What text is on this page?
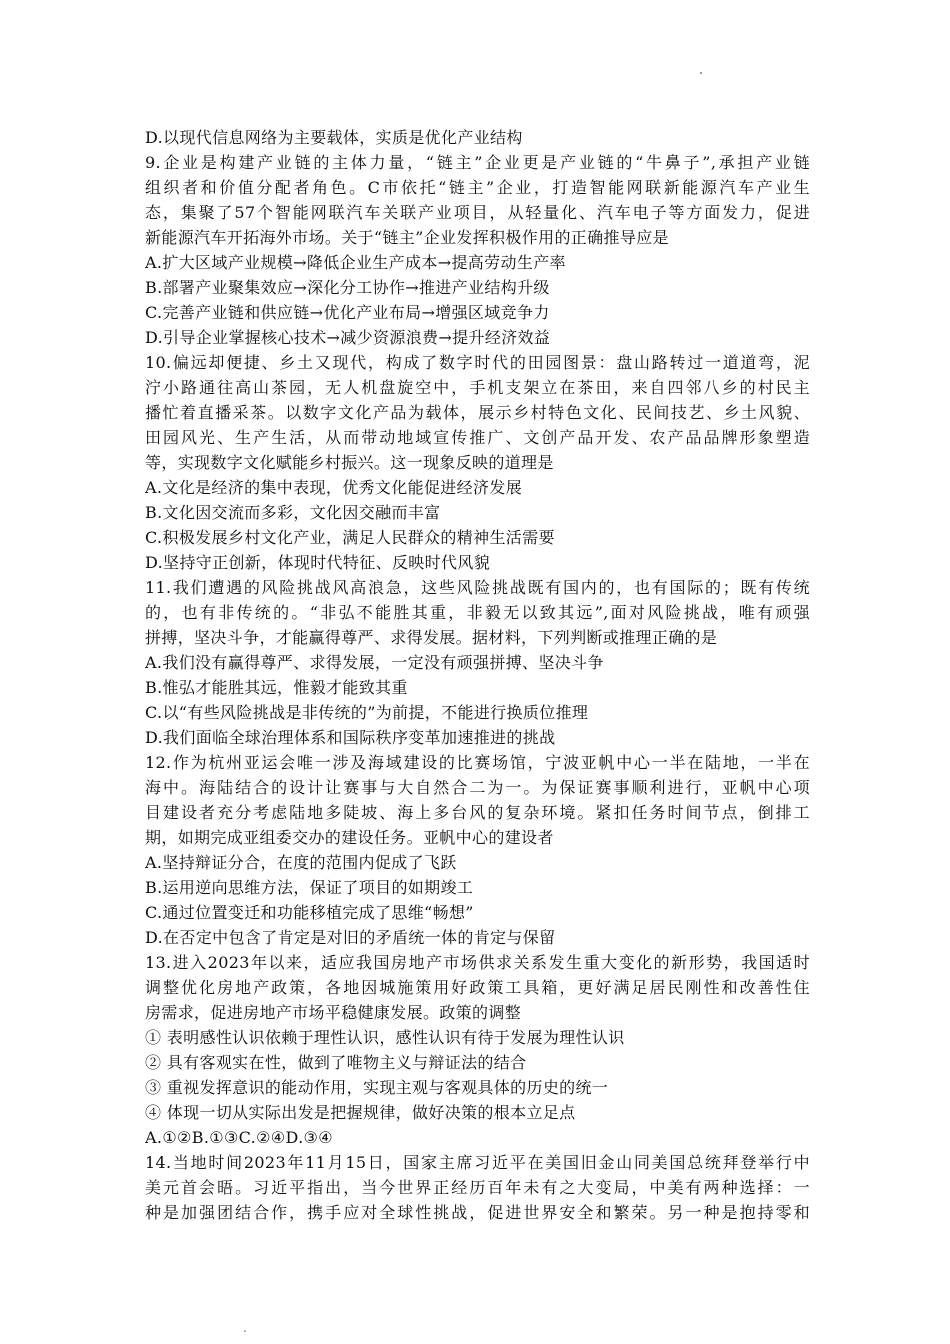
D.以现代信息网络为主要载体，实质是优化产业结构
9.企业是构建产业链的主体力量，“链主”企业更是产业链的“牛鼻子”,承担产业链
组织者和价值分配者角色。C市依托“链主”企业，打造智能网联新能源汽车产业生
态，集聚了57个智能网联汽车关联产业项目，从轻量化、汽车电子等方面发力，促进
新能源汽车开拓海外市场。关于“链主”企业发挥积极作用的正确推导应是
A.扩大区域产业规模→降低企业生产成本→提高劳动生产率
B.部署产业聚集效应→深化分工协作→推进产业结构升级
C.完善产业链和供应链→优化产业布局→增强区域竞争力
D.引导企业掌握核心技术→减少资源浪费→提升经济效益
10.偏远却便捷、乡土又现代，构成了数字时代的田园图景：盘山路转过一道道弯，泥
泞小路通往高山茶园，无人机盘旋空中，手机支架立在茶田，来自四邻八乡的村民主
播忙着直播采茶。以数字文化产品为载体，展示乡村特色文化、民间技艺、乡土风貌、
田园风光、生产生活，从而带动地域宣传推广、文创产品开发、农产品品牌形象塑造
等，实现数字文化赋能乡村振兴。这一现象反映的道理是
A.文化是经济的集中表现，优秀文化能促进经济发展
B.文化因交流而多彩，文化因交融而丰富
C.积极发展乡村文化产业，满足人民群众的精神生活需要
D.坚持守正创新，体现时代特征、反映时代风貌
11.我们遭遇的风险挑战风高浪急，这些风险挑战既有国内的，也有国际的；既有传统
的，也有非传统的。“非弘不能胜其重，非毅无以致其远”,面对风险挑战，唯有顽强
拼搏，坚决斗争，才能赢得尊严、求得发展。据材料，下列判断或推理正确的是
A.我们没有赢得尊严、求得发展，一定没有顽强拼搏、坚决斗争
B.惟弘才能胜其远，惟毅才能致其重
C.以“有些风险挑战是非传统的”为前提，不能进行换质位推理
D.我们面临全球治理体系和国际秩序变革加速推进的挑战
12.作为杭州亚运会唯一涉及海域建设的比赛场馆，宁波亚帆中心一半在陆地，一半在
海中。海陆结合的设计让赛事与大自然合二为一。为保证赛事顺利进行，亚帆中心项
目建设者充分考虑陆地多陡坡、海上多台风的复杂环境。紧扣任务时间节点，倒排工
期，如期完成亚组委交办的建设任务。亚帆中心的建设者
A.坚持辩证分合，在度的范围内促成了飞跃
B.运用逆向思维方法，保证了项目的如期竣工
C.通过位置变迁和功能移植完成了思维“畅想”
D.在否定中包含了肯定是对旧的矛盾统一体的肯定与保留
13.进入2023年以来，适应我国房地产市场供求关系发生重大变化的新形势，我国适时
调整优化房地产政策，各地因城施策用好政策工具箱，更好满足居民刚性和改善性住
房需求，促进房地产市场平稳健康发展。政策的调整
① 表明感性认识依赖于理性认识，感性认识有待于发展为理性认识
② 具有客观实在性，做到了唯物主义与辩证法的结合
③ 重视发挥意识的能动作用，实现主观与客观具体的历史的统一
④ 体现一切从实际出发是把握规律，做好决策的根本立足点
A.①②B.①③C.②④D.③④
14.当地时间2023年11月15日，国家主席习近平在美国旧金山同美国总统拜登举行中
美元首会晤。习近平指出，当今世界正经历百年未有之大变局，中美有两种选择：一
种是加强团结合作，携手应对全球性挑战，促进世界安全和繁荣。另一种是抱持零和
